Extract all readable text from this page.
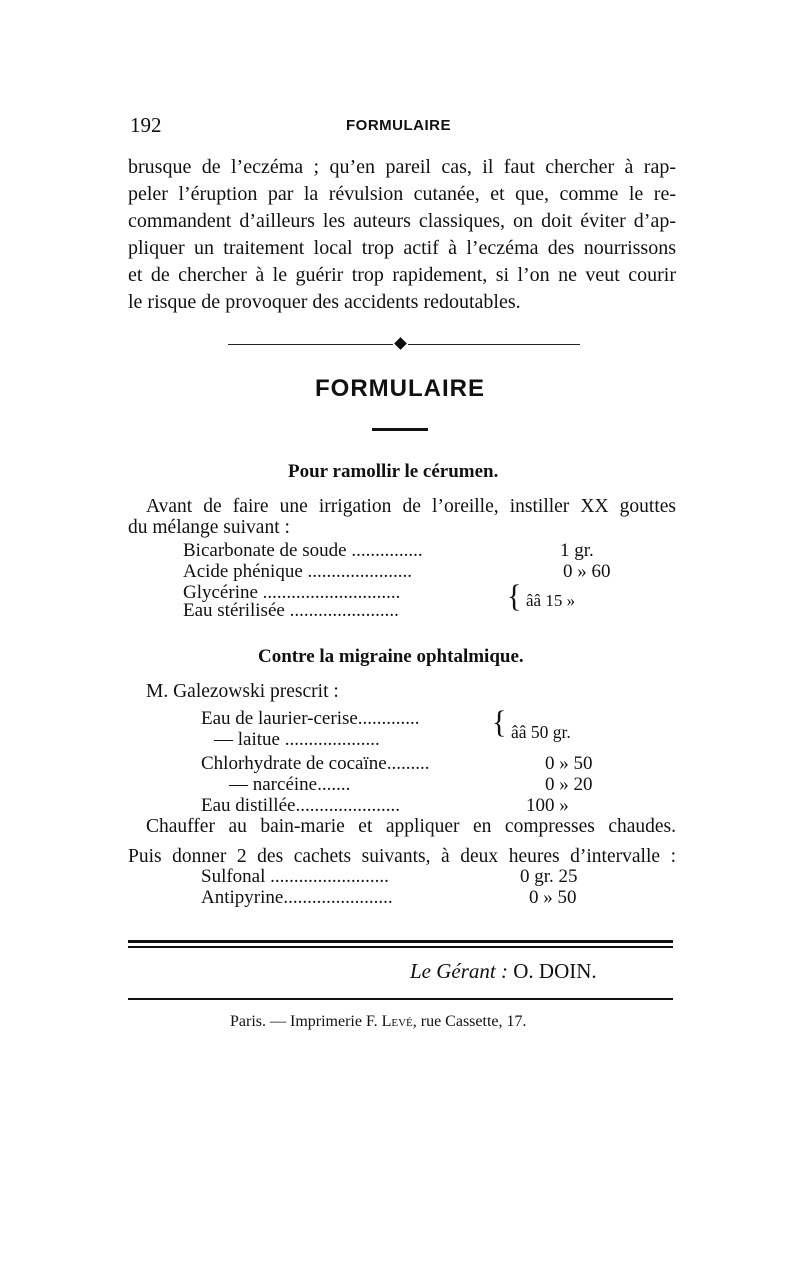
192	FORMULAIRE
brusque de l’eczéma ; qu’en pareil cas, il faut chercher à rap-
peler l’éruption par la révulsion cutanée, et que, comme le re-
commandent d’ailleurs les auteurs classiques, on doit éviter d’ap-
pliquer un traitement local trop actif à l’eczéma des nourrissons
et de chercher à le guérir trop rapidement, si l’on ne veut courir
le risque de provoquer des accidents redoutables.
FORMULAIRE
Pour ramollir le cérumen.
Avant de faire une irrigation de l’oreille, instiller XX gouttes
du mélange suivant :
Bicarbonate de soude ...............	1 gr.
Acide phénique ......................	0 » 60
Glycérine .............................
Eau stérilisée .......................	{ ââ 15 »
Contre la migraine ophtalmique.
M. Galezowski prescrit :
Eau de laurier-cerise.............
— laitue ....................	{ ââ 50 gr.
Chlorhydrate de cocaïne.........	0 » 50
— narcéine.......	0 » 20
Eau distillée......................	100 »
Chauffer au bain-marie et appliquer en compresses chaudes.
Puis donner 2 des cachets suivants, à deux heures d’intervalle :
Sulfonal .........................	0 gr. 25
Antipyrine.......................	0 » 50
Le Gérant : O. DOIN.
Paris. — Imprimerie F. Levé, rue Cassette, 17.
